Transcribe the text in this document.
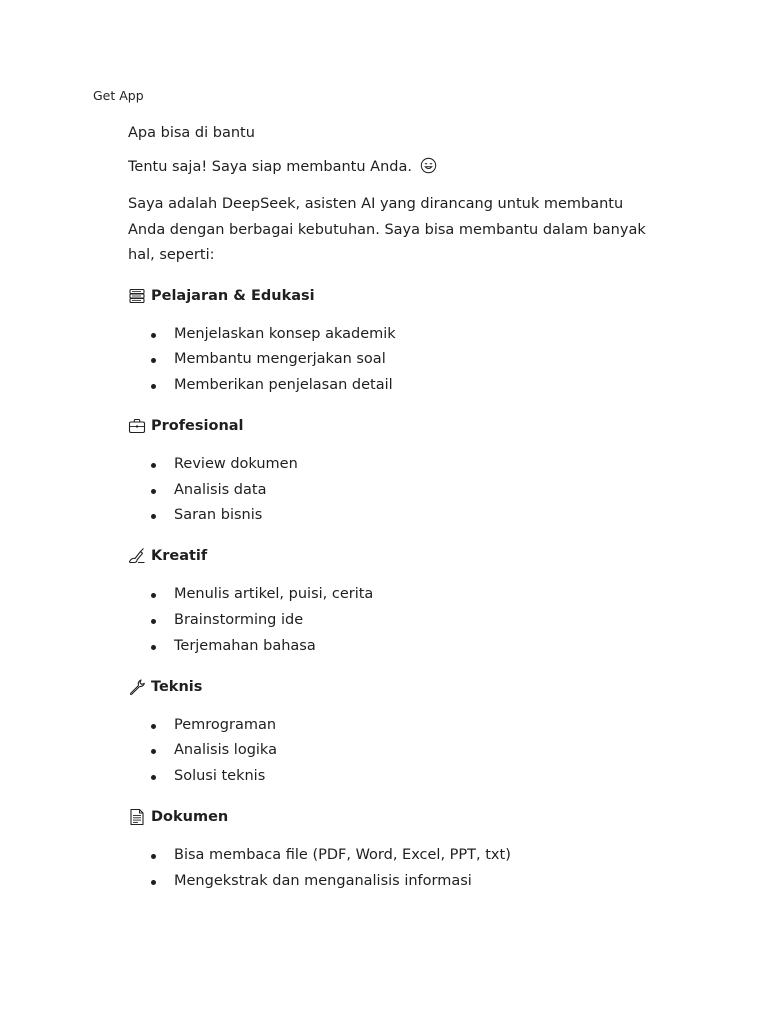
Get App

Apa bisa di bantu

Tentu saja! Saya siap membantu Anda.

Saya adalah DeepSeek, asisten AI yang dirancang untuk membantu Anda dengan berbagai kebutuhan. Saya bisa membantu dalam banyak hal, seperti:

Pelajaran & Edukasi
Menjelaskan konsep akademik
Membantu mengerjakan soal
Memberikan penjelasan detail
Profesional
Review dokumen
Analisis data
Saran bisnis
Kreatif
Menulis artikel, puisi, cerita
Brainstorming ide
Terjemahan bahasa
Teknis
Pemrograman
Analisis logika
Solusi teknis
Dokumen
Bisa membaca file (PDF, Word, Excel, PPT, txt)
Mengekstrak dan menganalisis informasi
